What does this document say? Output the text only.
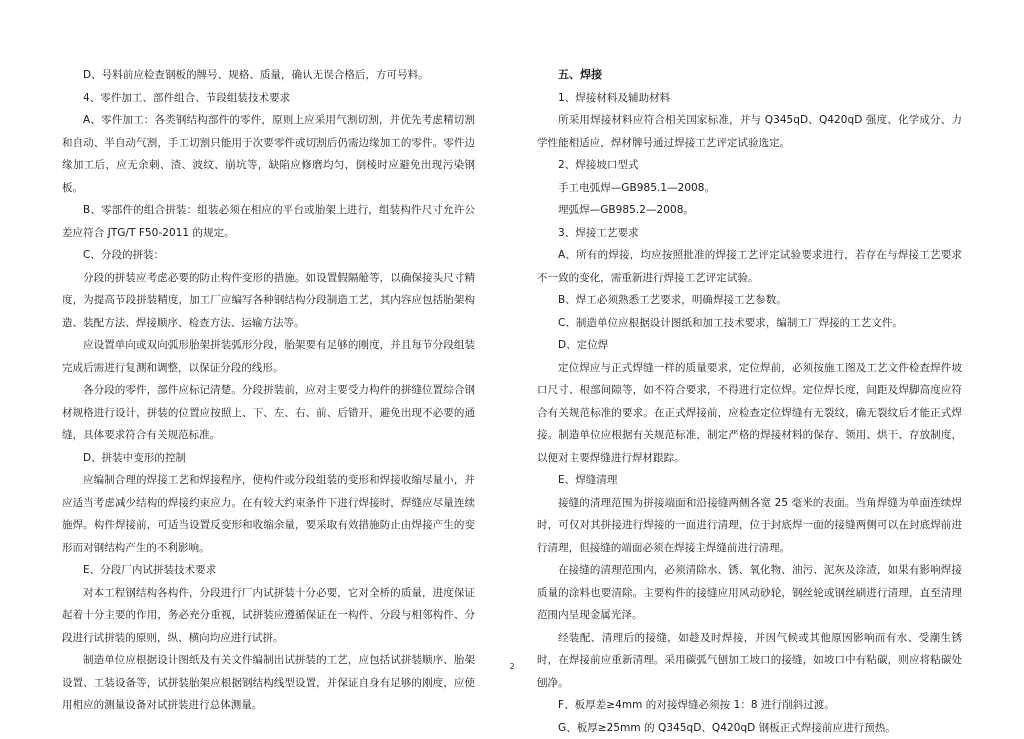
D、号料前应检查钢板的牌号、规格、质量，确认无误合格后，方可号料。

4、零件加工、部件组合、节段组装技术要求

A、零件加工：各类钢结构部件的零件，原则上应采用气割切割，并优先考虑精切割和自动、半自动气割，手工切割只能用于次要零件或切割后仍需边缘加工的零件。零件边缘加工后，应无余刺、渣、波纹、崩坑等，缺陷应修磨均匀，倒棱时应避免出现污染钢板。

B、零部件的组合拼装：组装必须在相应的平台或胎架上进行，组装构件尺寸允许公差应符合 JTG/T F50-2011 的规定。

C、分段的拼装：

分段的拼装应考虑必要的防止构件变形的措施。如设置假隔舱等，以确保接头尺寸精度，为提高节段拼装精度，加工厂应编写各种钢结构分段制造工艺，其内容应包括胎架构造、装配方法、焊接顺序、检查方法、运输方法等。

应设置单向或双向弧形胎架拼装弧形分段，胎架要有足够的刚度，并且每节分段组装完成后需进行复测和调整，以保证分段的线形。

各分段的零件，部件应标记清楚。分段拼装前，应对主要受力构件的拼缝位置综合钢材规格进行设计，拼装的位置应按照上、下、左、右、前、后错开，避免出现不必要的通缝，具体要求符合有关规范标准。

D、拼装中变形的控制

应编制合理的焊接工艺和焊接程序，使构件或分段组装的变形和焊接收缩尽量小，并应适当考虑减少结构的焊接约束应力。在有较大约束条件下进行焊接时，焊缝应尽量连续施焊。构件焊接前，可适当设置反变形和收缩余量，要采取有效措施防止由焊接产生的变形而对钢结构产生的不利影响。

E、分段厂内试拼装技术要求

对本工程钢结构各构件，分段进行厂内试拼装十分必要，它对全桥的质量，进度保证起着十分主要的作用，务必充分重视，试拼装应遵循保证在一构件、分段与相邻构件、分段进行试拼装的原则，纵、横向均应进行试拼。

制造单位应根据设计图纸及有关文件编制出试拼装的工艺，应包括试拼装顺序、胎架设置、工装设备等，试拼装胎架应根据钢结构线型设置，并保证自身有足够的刚度，应使用相应的测量设备对试拼装进行总体测量。

五、焊接

1、焊接材料及辅助材料

所采用焊接材料应符合相关国家标准，并与 Q345qD、Q420qD 强度、化学成分、力学性能相适应，焊材牌号通过焊接工艺评定试验选定。

2、焊接坡口型式

手工电弧焊—GB985.1—2008。

埋弧焊—GB985.2—2008。

3、焊接工艺要求

A、所有的焊接，均应按照批准的焊接工艺评定试验要求进行，若存在与焊接工艺要求不一致的变化，需重新进行焊接工艺评定试验。

B、焊工必须熟悉工艺要求，明确焊接工艺参数。

C、制造单位应根据设计图纸和加工技术要求，编制工厂焊接的工艺文件。

D、定位焊

定位焊应与正式焊缝一样的质量要求，定位焊前，必须按施工图及工艺文件检查焊件坡口尺寸、根部间隙等，如不符合要求，不得进行定位焊。定位焊长度，间距及焊脚高度应符合有关规范标准的要求。在正式焊接前，应检查定位焊缝有无裂纹，确无裂纹后才能正式焊接。制造单位应根据有关规范标准，制定严格的焊接材料的保存、领用、烘干、存放制度，以便对主要焊缝进行焊材跟踪。

E、焊缝清理

接缝的清理范围为拼接端面和沿接缝两侧各宽 25 毫米的表面。当角焊缝为单面连续焊时，可仅对其拼接进行焊接的一面进行清理，位于封底焊一面的接缝两侧可以在封底焊前进行清理，但接缝的端面必须在焊接主焊缝前进行清理。

在接缝的清理范围内，必须清除水、锈、氧化物、油污、泥灰及涂渣，如果有影响焊接质量的涂料也要清除。主要构件的接缝应用风动砂轮，钢丝轮或钢丝刷进行清理，直至清理范围内呈现金属光泽。

经装配、清理后的接缝，如趁及时焊接，并因气候或其他原因影响而有水、受潮生锈时，在焊接前应重新清理。采用碳弧气刨加工坡口的接缝，如坡口中有粘碳，则应将粘碳处刨净。

F、板厚差≥4mm 的对接焊缝必须按 1：8 进行削斜过渡。

G、板厚≥25mm 的 Q345qD、Q420qD 钢板正式焊接前应进行预热。

2
